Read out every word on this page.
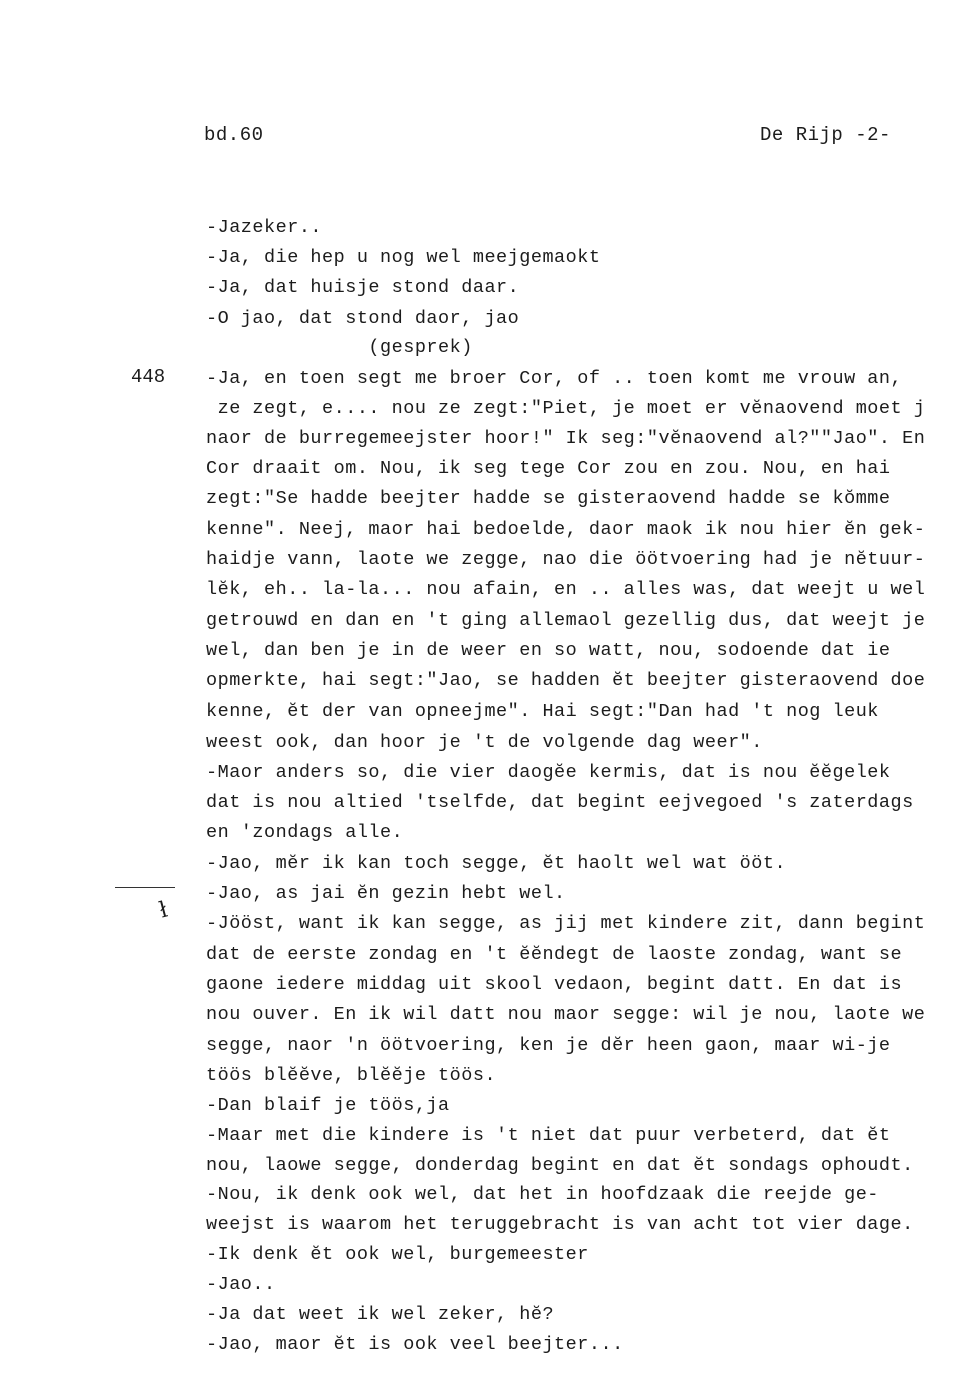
bd.60	De Rijp -2-
448
ł
-Jazeker..
-Ja, die hep u nog wel meejgemaokt
-Ja, dat huisje stond daar.
-O jao, dat stond daor, jao
(gesprek)
-Ja, en toen segt me broer Cor, of .. toen komt me vrouw an,
ze zegt, e.... nou ze zegt:"Piet, je moet er vĕnaovend moet j
naor de burregemeejster hoor!" Ik seg:"vĕnaovend al?""Jao". En
Cor draait om. Nou, ik seg tege Cor zou en zou. Nou, en hai
zegt:"Se hadde beejter hadde se gisteraovend hadde se kŏmme
kenne". Neej, maor hai bedoelde, daor maok ik nou hier ĕn gek-
haidje vann, laote we zegge, nao die öötvoering had je nĕtuur-
lĕk, eh.. la-la... nou afain, en .. alles was, dat weejt u wel
getrouwd en dan en 't ging allemaol gezellig dus, dat weejt je
wel, dan ben je in de weer en so watt, nou, sodoende dat ie
opmerkte, hai segt:"Jao, se hadden ĕt beejter gisteraovend doe
kenne, ĕt der van opneejme". Hai segt:"Dan had 't nog leuk
weest ook, dan hoor je 't de volgende dag weer".
-Maor anders so, die vier daogĕe kermis, dat is nou ĕĕgelek
dat is nou altied 'tselfde, dat begint eejvegoed 's zaterdags
en 'zondags alle.
-Jao, mĕr ik kan toch segge, ĕt haolt wel wat ööt.
-Jao, as jai ĕn gezin hebt wel.
-Jööst, want ik kan segge, as jij met kindere zit, dann begint
dat de eerste zondag en 't ĕĕndegt de laoste zondag, want se
gaone iedere middag uit skool vedaon, begint datt. En dat is
nou ouver. En ik wil datt nou maor segge: wil je nou, laote we
segge, naor 'n öötvoering, ken je dĕr heen gaon, maar wi-je
töös blĕĕve, blĕĕje töös.
-Dan blaif je töös,ja
-Maar met die kindere is 't niet dat puur verbeterd, dat ĕt
nou, laowe segge, donderdag begint en dat ĕt sondags ophoudt.
-Nou, ik denk ook wel, dat het in hoofdzaak die reejde ge-
weejst is waarom het teruggebracht is van acht tot vier dage.
-Ik denk ĕt ook wel, burgemeester
-Jao..
-Ja dat weet ik wel zeker, hĕ?
-Jao, maor ĕt is ook veel beejter...
